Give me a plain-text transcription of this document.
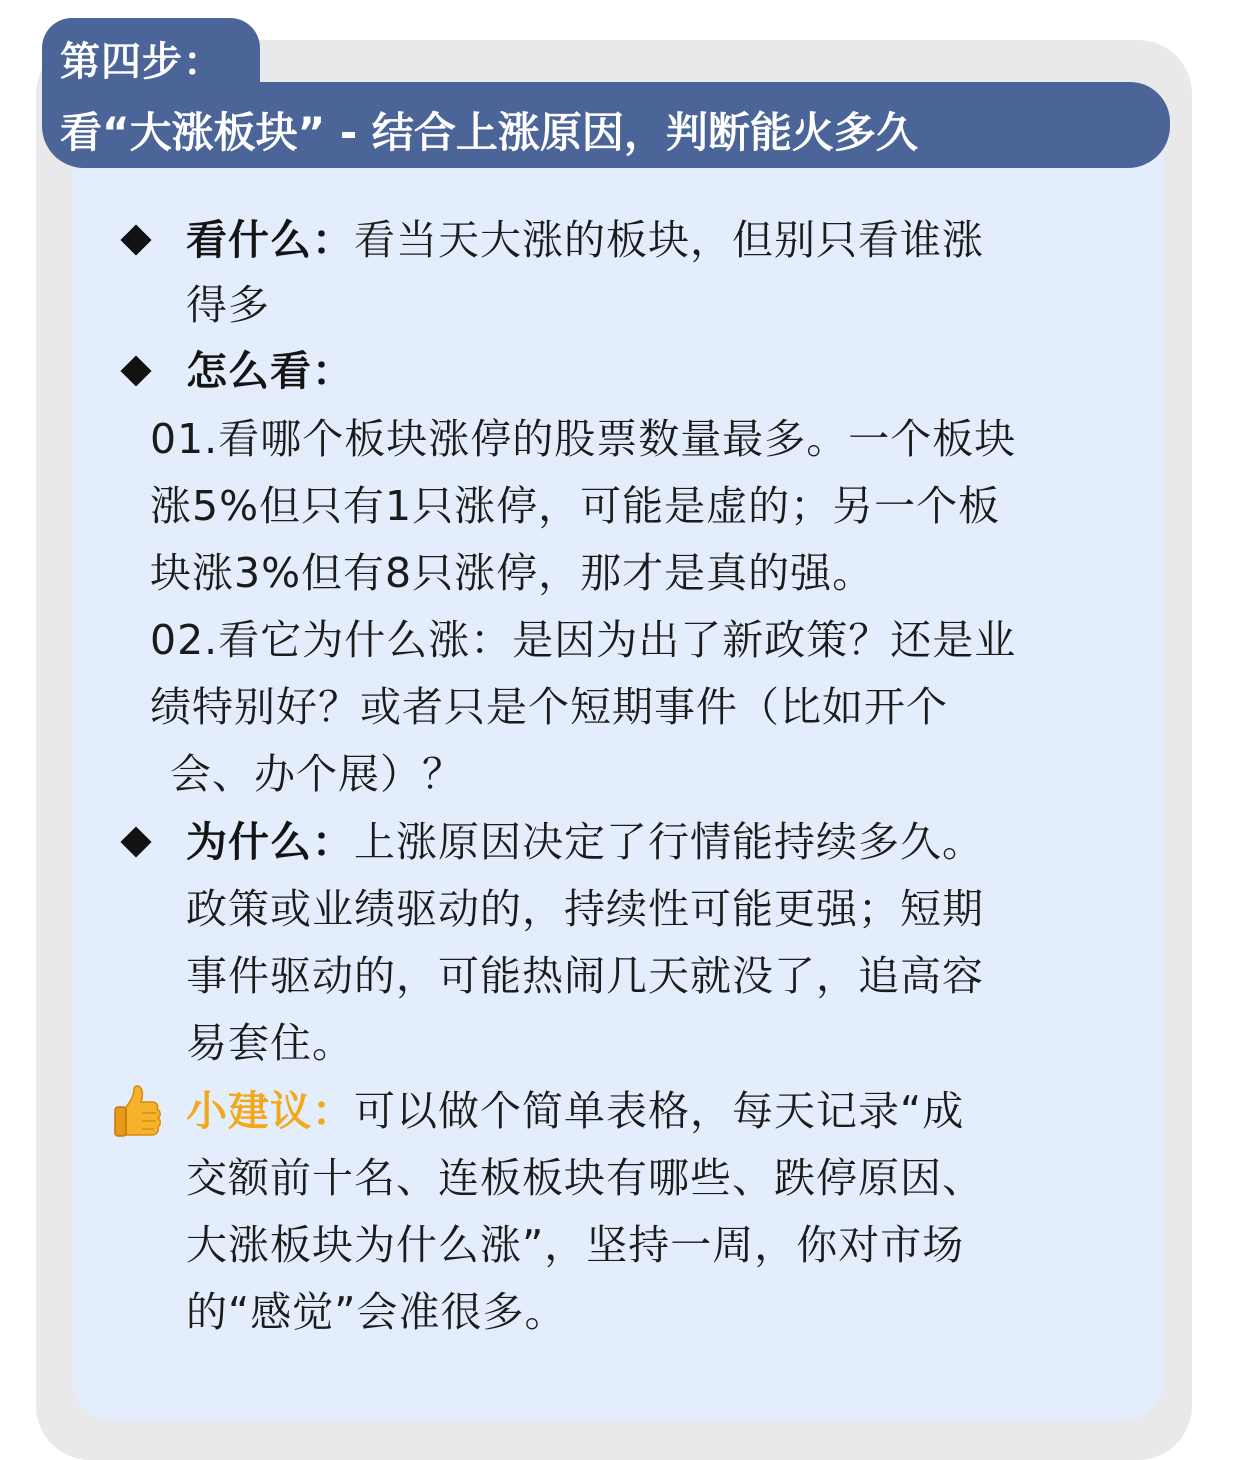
第四步：
看“大涨板块” - 结合上涨原因，判断能火多久
看什么：看当天大涨的板块，但别只看谁涨
得多
怎么看：
01.看哪个板块涨停的股票数量最多。一个板块
涨5%但只有1只涨停，可能是虚的；另一个板
块涨3%但有8只涨停，那才是真的强。
02.看它为什么涨：是因为出了新政策？还是业
绩特别好？或者只是个短期事件（比如开个
会、办个展）？
为什么：上涨原因决定了行情能持续多久。
政策或业绩驱动的，持续性可能更强；短期
事件驱动的，可能热闹几天就没了，追高容
易套住。
小建议：可以做个简单表格，每天记录“成
交额前十名、连板板块有哪些、跌停原因、
大涨板块为什么涨”，坚持一周，你对市场
的“感觉”会准很多。
